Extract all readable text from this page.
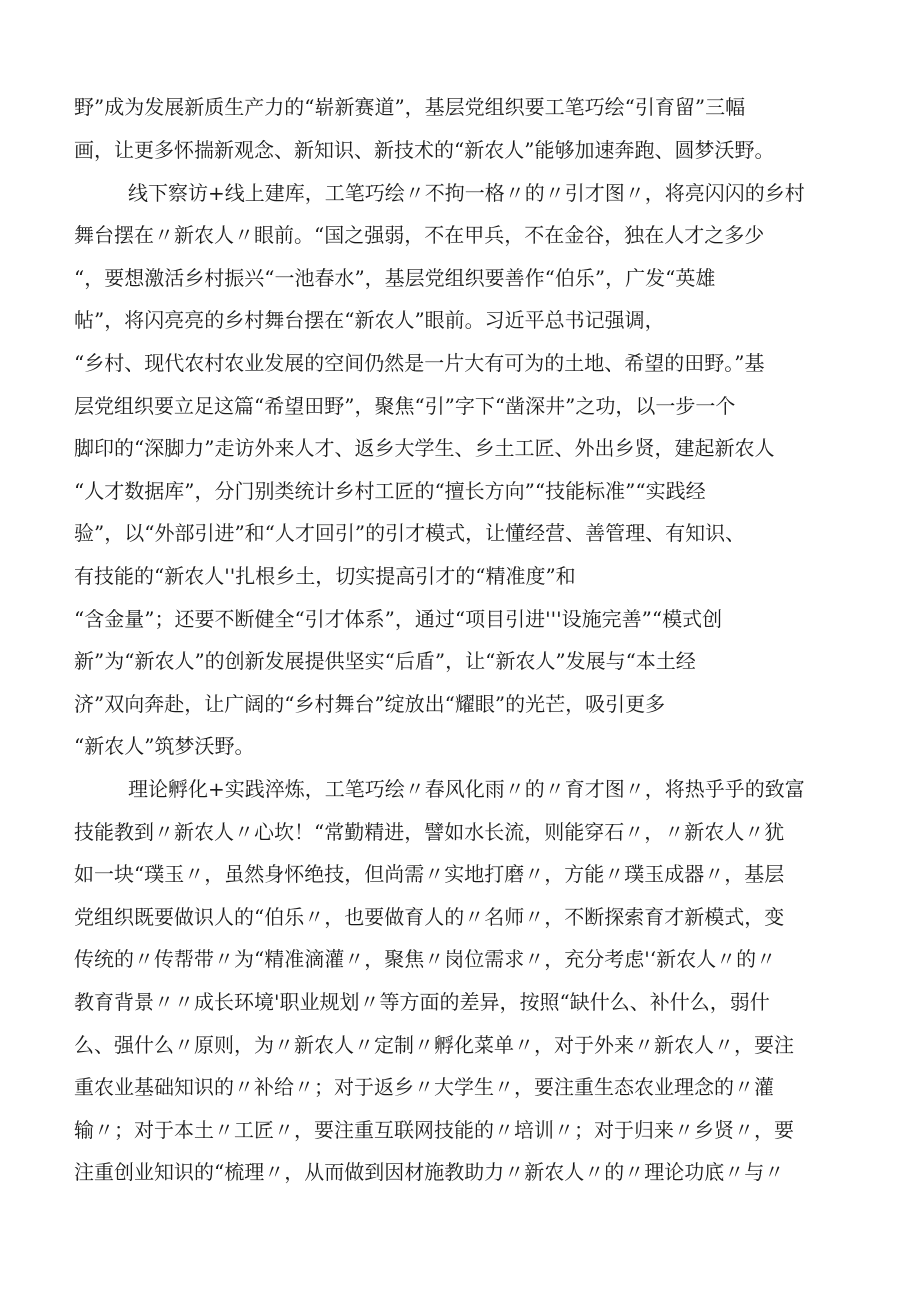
野”成为发展新质生产力的“崭新赛道”，基层党组织要工笔巧绘“引育留”三幅
画，让更多怀揣新观念、新知识、新技术的“新农人”能够加速奔跑、圆梦沃野。
线下察访+线上建库，工笔巧绘〃不拘一格〃的〃引才图〃，将亮闪闪的乡村
舞台摆在〃新农人〃眼前。“国之强弱，不在甲兵，不在金谷，独在人才之多少
“，要想激活乡村振兴“一池春水”，基层党组织要善作“伯乐”，广发“英雄
帖”，将闪亮亮的乡村舞台摆在“新农人”眼前。习近平总书记强调，
“乡村、现代农村农业发展的空间仍然是一片大有可为的土地、希望的田野。”基
层党组织要立足这篇“希望田野”，聚焦“引”字下“凿深井”之功，以一步一个
脚印的“深脚力”走访外来人才、返乡大学生、乡土工匠、外出乡贤，建起新农人
“人才数据库”，分门别类统计乡村工匠的“擅长方向”“技能标准”“实践经
验”，以“外部引进”和“人才回引”的引才模式，让懂经营、善管理、有知识、
有技能的“新农人''扎根乡土，切实提高引才的“精准度”和
“含金量”；还要不断健全“引才体系”，通过“项目引进'''设施完善”“模式创
新”为“新农人”的创新发展提供坚实“后盾”，让“新农人”发展与“本土经
济”双向奔赴，让广阔的“乡村舞台”绽放出“耀眼”的光芒，吸引更多
“新农人”筑梦沃野。
理论孵化+实践淬炼，工笔巧绘〃春风化雨〃的〃育才图〃，将热乎乎的致富
技能教到〃新农人〃心坎！“常勤精进，譬如水长流，则能穿石〃，〃新农人〃犹
如一块“璞玉〃，虽然身怀绝技，但尚需〃实地打磨〃，方能〃璞玉成器〃，基层
党组织既要做识人的“伯乐〃，也要做育人的〃名师〃，不断探索育才新模式，变
传统的〃传帮带〃为“精准滴灌〃，聚焦〃岗位需求〃，充分考虑'‘新农人〃的〃
教育背景〃〃成长环境'职业规划〃等方面的差异，按照“缺什么、补什么，弱什
么、强什么〃原则，为〃新农人〃定制〃孵化菜单〃，对于外来〃新农人〃，要注
重农业基础知识的〃补给〃；对于返乡〃大学生〃，要注重生态农业理念的〃灌
输〃；对于本土〃工匠〃，要注重互联网技能的〃培训〃；对于归来〃乡贤〃，要
注重创业知识的“梳理〃，从而做到因材施教助力〃新农人〃的〃理论功底〃与〃
